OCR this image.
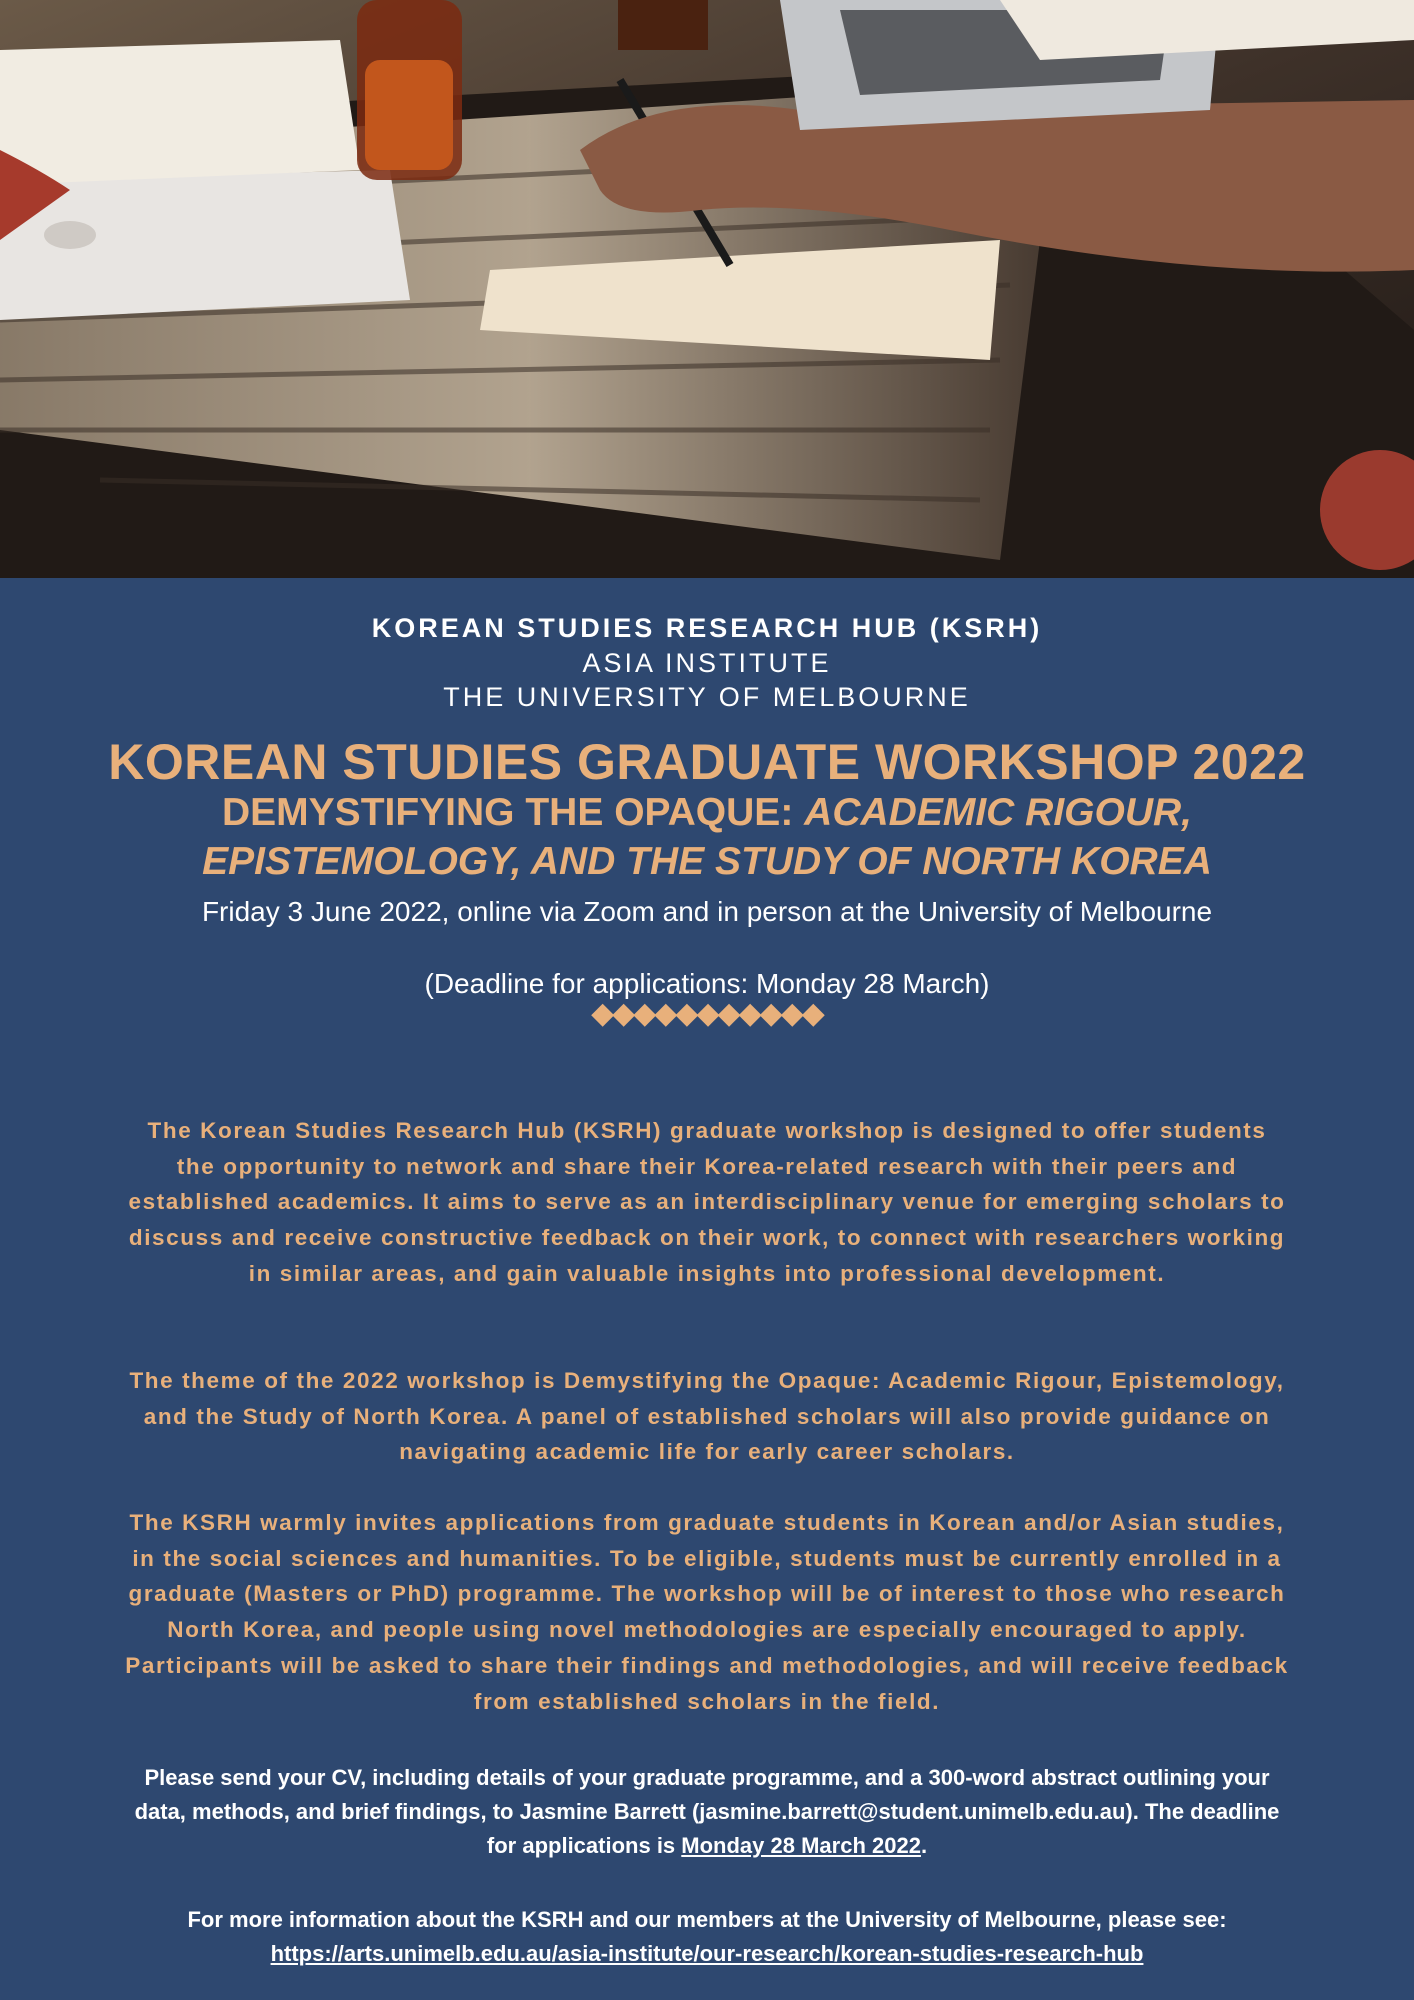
KOREAN STUDIES RESEARCH HUB (KSRH)
ASIA INSTITUTE
THE UNIVERSITY OF MELBOURNE
KOREAN STUDIES GRADUATE WORKSHOP 2022
DEMYSTIFYING THE OPAQUE: ACADEMIC RIGOUR,
EPISTEMOLOGY, AND THE STUDY OF NORTH KOREA
Friday 3 June 2022, online via Zoom and in person at the University of Melbourne
(Deadline for applications: Monday 28 March)
◆◆◆◆◆◆◆◆◆◆◆
The Korean Studies Research Hub (KSRH) graduate workshop is designed to offer students the opportunity to network and share their Korea-related research with their peers and established academics. It aims to serve as an interdisciplinary venue for emerging scholars to discuss and receive constructive feedback on their work, to connect with researchers working in similar areas, and gain valuable insights into professional development.
The theme of the 2022 workshop is Demystifying the Opaque: Academic Rigour, Epistemology, and the Study of North Korea. A panel of established scholars will also provide guidance on navigating academic life for early career scholars.
The KSRH warmly invites applications from graduate students in Korean and/or Asian studies, in the social sciences and humanities. To be eligible, students must be currently enrolled in a graduate (Masters or PhD) programme. The workshop will be of interest to those who research North Korea, and people using novel methodologies are especially encouraged to apply. Participants will be asked to share their findings and methodologies, and will receive feedback from established scholars in the field.
Please send your CV, including details of your graduate programme, and a 300-word abstract outlining your data, methods, and brief findings, to Jasmine Barrett (jasmine.barrett@student.unimelb.edu.au). The deadline for applications is Monday 28 March 2022.
For more information about the KSRH and our members at the University of Melbourne, please see:
https://arts.unimelb.edu.au/asia-institute/our-research/korean-studies-research-hub
